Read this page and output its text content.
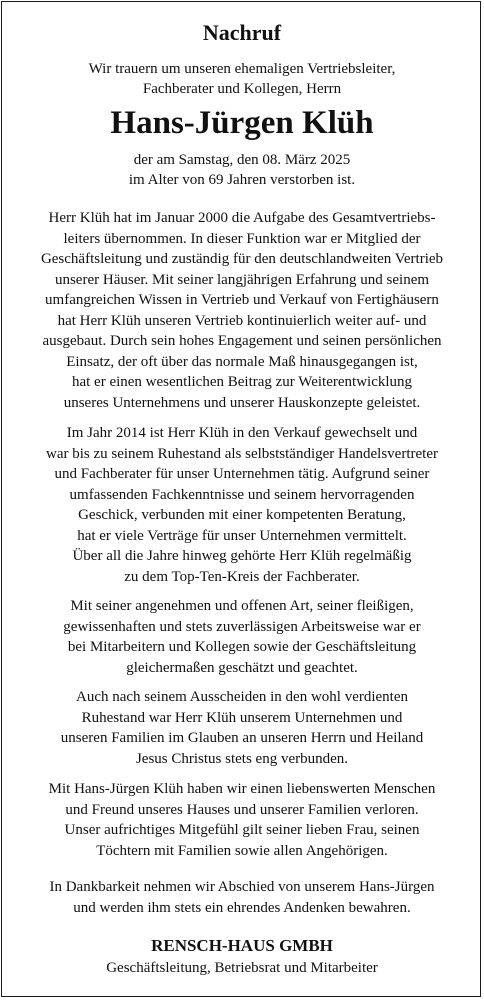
Nachruf
Wir trauern um unseren ehemaligen Vertriebsleiter,
Fachberater und Kollegen, Herrn
Hans-Jürgen Klüh
der am Samstag, den 08. März 2025
im Alter von 69 Jahren verstorben ist.
Herr Klüh hat im Januar 2000 die Aufgabe des Gesamtvertriebs-
leiters übernommen. In dieser Funktion war er Mitglied der
Geschäftsleitung und zuständig für den deutschlandweiten Vertrieb
unserer Häuser. Mit seiner langjährigen Erfahrung und seinem
umfangreichen Wissen in Vertrieb und Verkauf von Fertighäusern
hat Herr Klüh unseren Vertrieb kontinuierlich weiter auf- und
ausgebaut. Durch sein hohes Engagement und seinen persönlichen
Einsatz, der oft über das normale Maß hinausgegangen ist,
hat er einen wesentlichen Beitrag zur Weiterentwicklung
unseres Unternehmens und unserer Hauskonzepte geleistet.
Im Jahr 2014 ist Herr Klüh in den Verkauf gewechselt und
war bis zu seinem Ruhestand als selbstständiger Handelsvertreter
und Fachberater für unser Unternehmen tätig. Aufgrund seiner
umfassenden Fachkenntnisse und seinem hervorragenden
Geschick, verbunden mit einer kompetenten Beratung,
hat er viele Verträge für unser Unternehmen vermittelt.
Über all die Jahre hinweg gehörte Herr Klüh regelmäßig
zu dem Top-Ten-Kreis der Fachberater.
Mit seiner angenehmen und offenen Art, seiner fleißigen,
gewissenhaften und stets zuverlässigen Arbeitsweise war er
bei Mitarbeitern und Kollegen sowie der Geschäftsleitung
gleichermaßen geschätzt und geachtet.
Auch nach seinem Ausscheiden in den wohl verdienten
Ruhestand war Herr Klüh unserem Unternehmen und
unseren Familien im Glauben an unseren Herrn und Heiland
Jesus Christus stets eng verbunden.
Mit Hans-Jürgen Klüh haben wir einen liebenswerten Menschen
und Freund unseres Hauses und unserer Familien verloren.
Unser aufrichtiges Mitgefühl gilt seiner lieben Frau, seinen
Töchtern mit Familien sowie allen Angehörigen.
In Dankbarkeit nehmen wir Abschied von unserem Hans-Jürgen
und werden ihm stets ein ehrendes Andenken bewahren.
RENSCH-HAUS GMBH
Geschäftsleitung, Betriebsrat und Mitarbeiter
